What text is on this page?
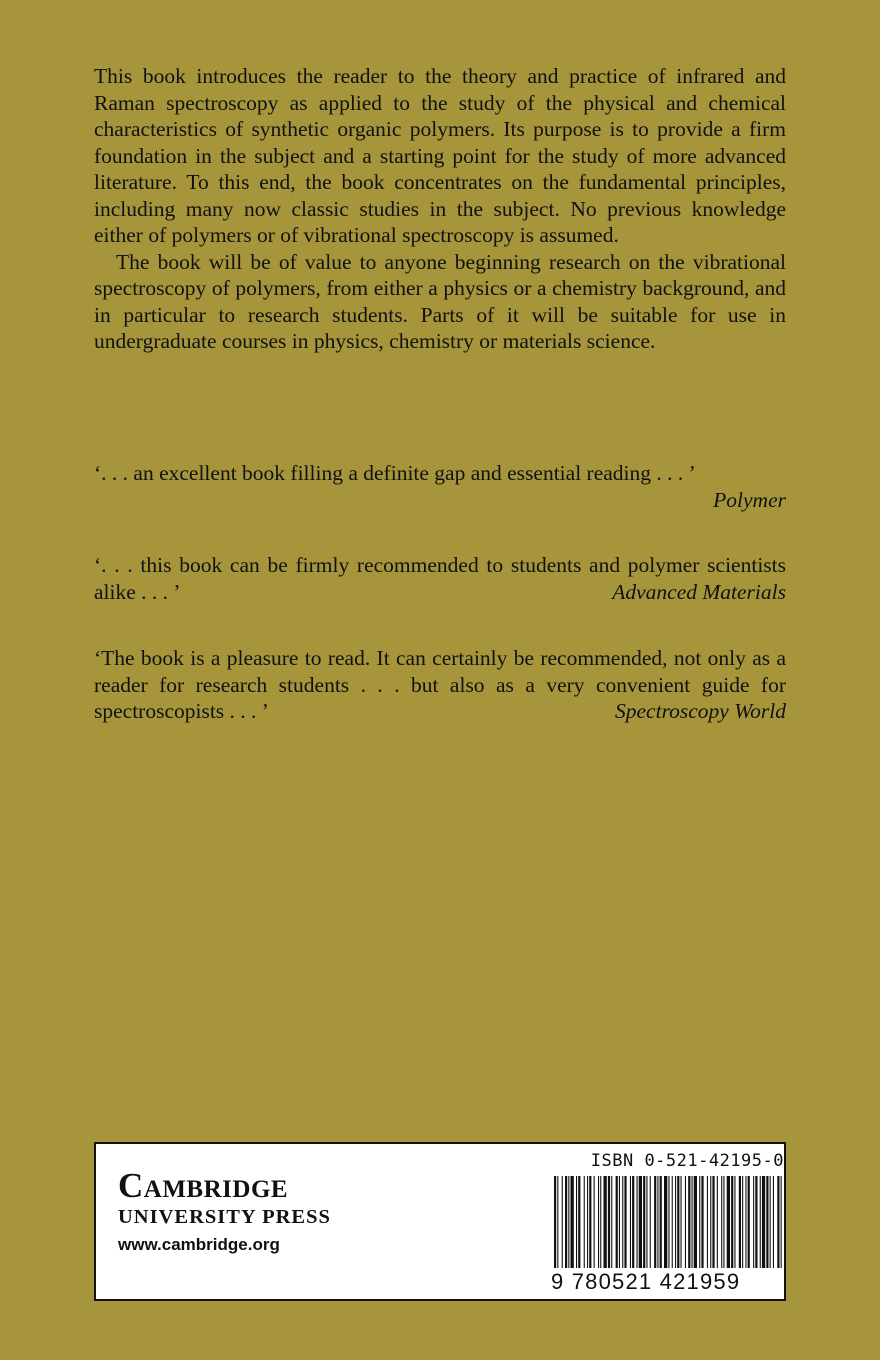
This book introduces the reader to the theory and practice of infrared and Raman spectroscopy as applied to the study of the physical and chemical characteristics of synthetic organic polymers. Its purpose is to provide a firm foundation in the subject and a starting point for the study of more advanced literature. To this end, the book concentrates on the fundamental principles, including many now classic studies in the subject. No previous knowledge either of polymers or of vibrational spectroscopy is assumed.

The book will be of value to anyone beginning research on the vibrational spectroscopy of polymers, from either a physics or a chemistry background, and in particular to research students. Parts of it will be suitable for use in undergraduate courses in physics, chemistry or materials science.

‘. . . an excellent book filling a definite gap and essential reading . . . ’

Polymer
‘. . . this book can be firmly recommended to students and polymer scientists alike . . . ’	Advanced Materials
‘The book is a pleasure to read. It can certainly be recommended, not only as a reader for research students . . . but also as a very convenient guide for spectroscopists . . . ’	Spectroscopy World
Cambridge
UNIVERSITY PRESS
www.cambridge.org
ISBN 0-521-42195-0
9 780521 421959
